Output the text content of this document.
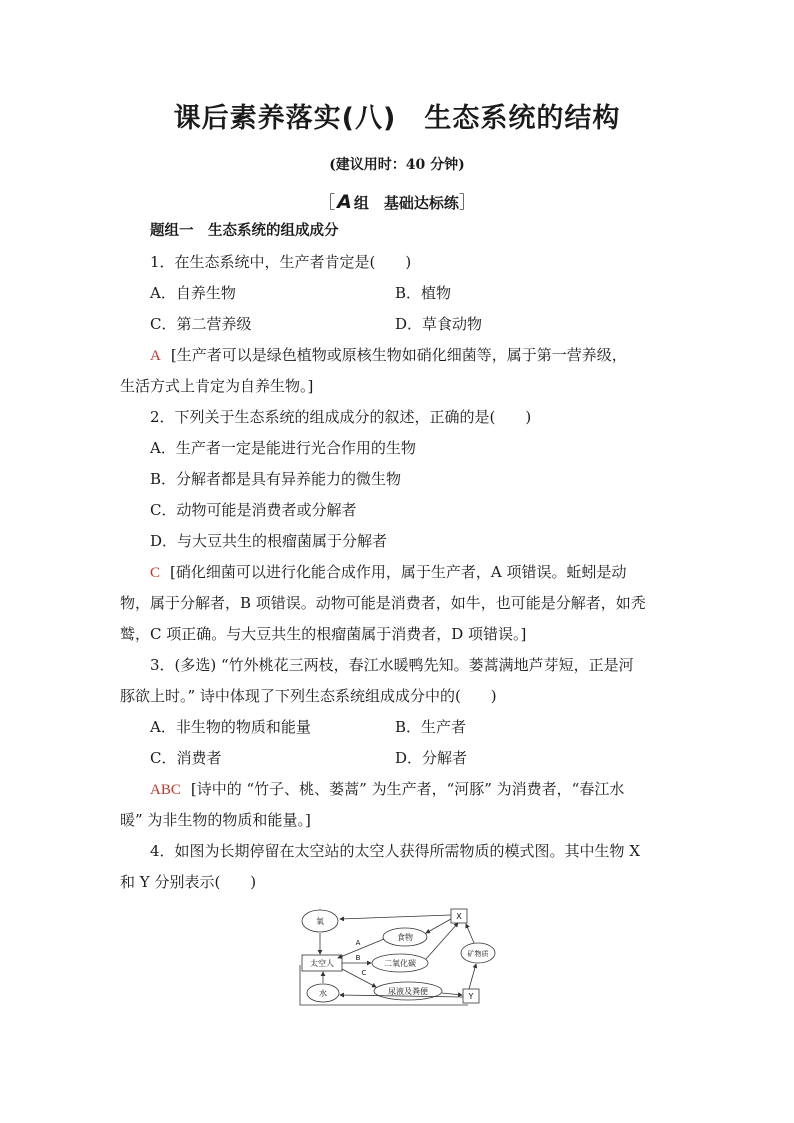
课后素养落实(八) 生态系统的结构
(建议用时：40 分钟)
［ A 组　基础达标练］
题组一　生态系统的组成成分
1．在生态系统中，生产者肯定是(　　)
A．自养生物	B．植物
C．第二营养级	D．草食动物
A [生产者可以是绿色植物或原核生物如硝化细菌等，属于第一营养级，
生活方式上肯定为自养生物。]
2．下列关于生态系统的组成成分的叙述，正确的是(　　)
A．生产者一定是能进行光合作用的生物
B．分解者都是具有异养能力的微生物
C．动物可能是消费者或分解者
D．与大豆共生的根瘤菌属于分解者
C [硝化细菌可以进行化能合成作用，属于生产者，A 项错误。蚯蚓是动
物，属于分解者，B 项错误。动物可能是消费者，如牛，也可能是分解者，如秃
鹫，C 项正确。与大豆共生的根瘤菌属于消费者，D 项错误。]
3．(多选) “竹外桃花三两枝，春江水暖鸭先知。蒌蒿满地芦芽短，正是河
豚欲上时。” 诗中体现了下列生态系统组成成分中的(　　)
A．非生物的物质和能量	B．生产者
C．消费者	D．分解者
ABC [诗中的 “竹子、桃、蒌蒿” 为生产者，“河豚” 为消费者，“春江水
暖” 为非生物的物质和能量。]
4．如图为长期停留在太空站的太空人获得所需物质的模式图。其中生物 X
和 Y 分别表示(　　)
氧
食物
二氧化碳
太空人
水	尿液及粪便
矿物质
X
Y
A
B
C
